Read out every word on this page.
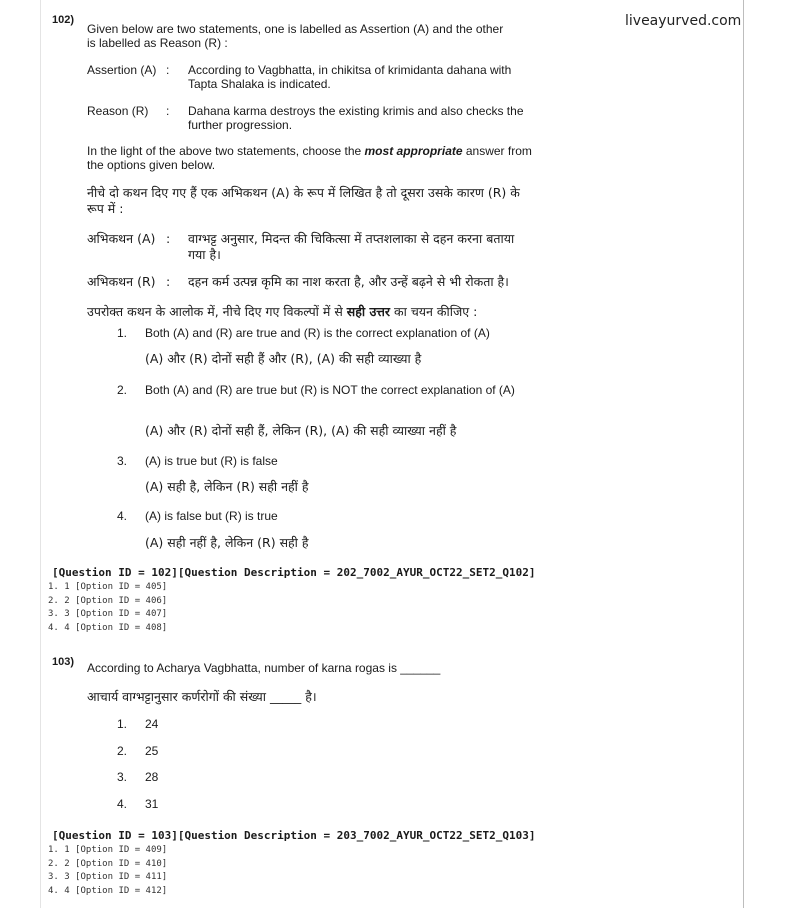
liveayurved.com
102)
Given below are two statements, one is labelled as Assertion (A) and the other
is labelled as Reason (R) :
Assertion (A) : According to Vagbhatta, in chikitsa of krimidanta dahana with Tapta Shalaka is indicated.
Reason (R) : Dahana karma destroys the existing krimis and also checks the further progression.
In the light of the above two statements, choose the most appropriate answer from the options given below.
नीचे दो कथन दिए गए हैं एक अभिकथन (A) के रूप में लिखित है तो दूसरा उसके कारण (R) के रूप में :
अभिकथन (A) : वाग्भट्ट अनुसार, मिदन्त की चिकित्सा में तप्तशलाका से दहन करना बताया गया है।
अभिकथन (R) : दहन कर्म उत्पन्न कृमि का नाश करता है, और उन्हें बढ़ने से भी रोकता है।
उपरोक्त कथन के आलोक में, नीचे दिए गए विकल्पों में से सही उत्तर का चयन कीजिए :
1. Both (A) and (R) are true and (R) is the correct explanation of (A)
(A) और (R) दोनों सही हैं और (R), (A) की सही व्याख्या है
2. Both (A) and (R) are true but (R) is NOT the correct explanation of (A)
(A) और (R) दोनों सही हैं, लेकिन (R), (A) की सही व्याख्या नहीं है
3. (A) is true but (R) is false
(A) सही है, लेकिन (R) सही नहीं है
4. (A) is false but (R) is true
(A) सही नहीं है, लेकिन (R) सही है
[Question ID = 102][Question Description = 202_7002_AYUR_OCT22_SET2_Q102]
1. 1 [Option ID = 405]
2. 2 [Option ID = 406]
3. 3 [Option ID = 407]
4. 4 [Option ID = 408]
103) According to Acharya Vagbhatta, number of karna rogas is ______
आचार्य वाग्भट्टानुसार कर्णरोगों की संख्या _____ है।
1. 24
2. 25
3. 28
4. 31
[Question ID = 103][Question Description = 203_7002_AYUR_OCT22_SET2_Q103]
1. 1 [Option ID = 409]
2. 2 [Option ID = 410]
3. 3 [Option ID = 411]
4. 4 [Option ID = 412]
